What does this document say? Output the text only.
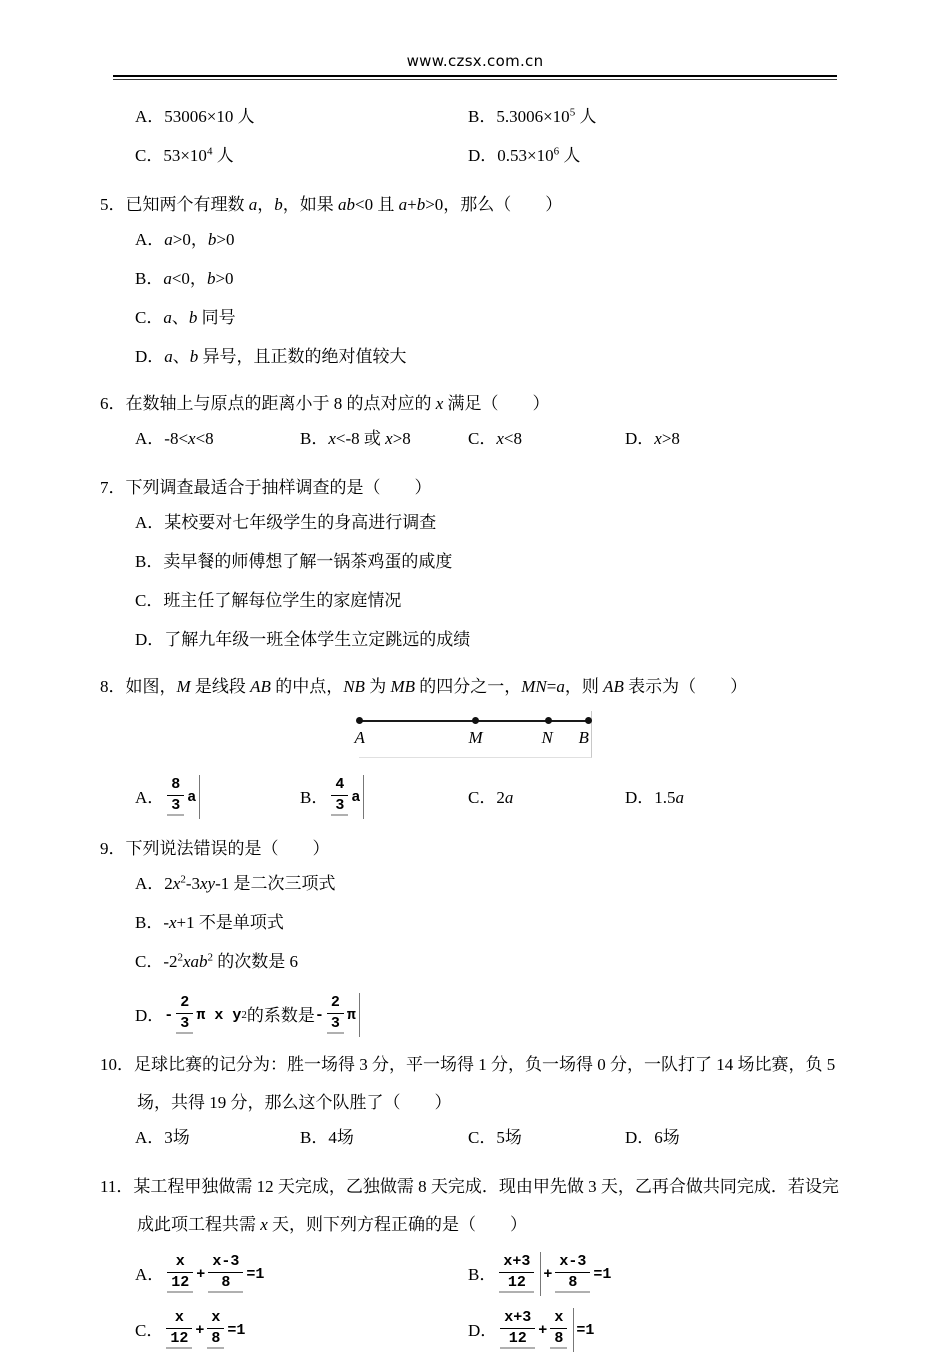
www.czsx.com.cn
A．53006×10 人	B．$5.3006\times 10^5$ 人
C．$53\times 10^4$ 人	D．$0.53\times 10^6$ 人
5．已知两个有理数 a，b，如果 ab<0 且 a+b>0，那么（　　）
A．a>0，b>0
B．a<0，b>0
C．a、b 同号
D．a、b 异号，且正数的绝对值较大
6．在数轴上与原点的距离小于 8 的点对应的 x 满足（　　）
A．-8<x<8	B．x<-8 或 x>8	C．x<8	D．x>8
7．下列调查最适合于抽样调查的是（　　）
A．某校要对七年级学生的身高进行调查
B．卖早餐的师傅想了解一锅茶鸡蛋的咸度
C．班主任了解每位学生的家庭情况
D．了解九年级一班全体学生立定跳远的成绩
8．如图，M 是线段 AB 的中点，NB 为 MB 的四分之一，MN=a，则 AB 表示为（　　）
A	M	N B
A． $\frac{8}{3}$ a	B． $\frac{4}{3}$ a	C．2 a	D．1.5 a
9．下列说法错误的是（　　）
A．$2x^2-3xy-1$ 是二次三项式
B．-x+1 不是单项式
C．$-2^2xab^2$ 的次数是 6
D． - $\frac{2}{3}$ π x y 2 的系数是 - $\frac{2}{3}$ π
10．足球比赛的记分为：胜一场得 3 分，平一场得 1 分，负一场得 0 分，一队打了 14 场比赛，负 5 场，共得 19 分，那么这个队胜了（　　）
A．3场	B．4场	C．5场	D．6场
11．某工程甲独做需 12 天完成，乙独做需 8 天完成．现由甲先做 3 天，乙再合做共同完成．若设完成此项工程共需 x 天，则下列方程正确的是（　　）
A． $\frac{x}{12} + \frac{x-3}{8} =1$	B． $\frac{x+3}{12} + \frac{x-3}{8} =1$
C． $\frac{x}{12} + \frac{x}{8} =1$	D． $\frac{x+3}{12} + \frac{x}{8} =1$
